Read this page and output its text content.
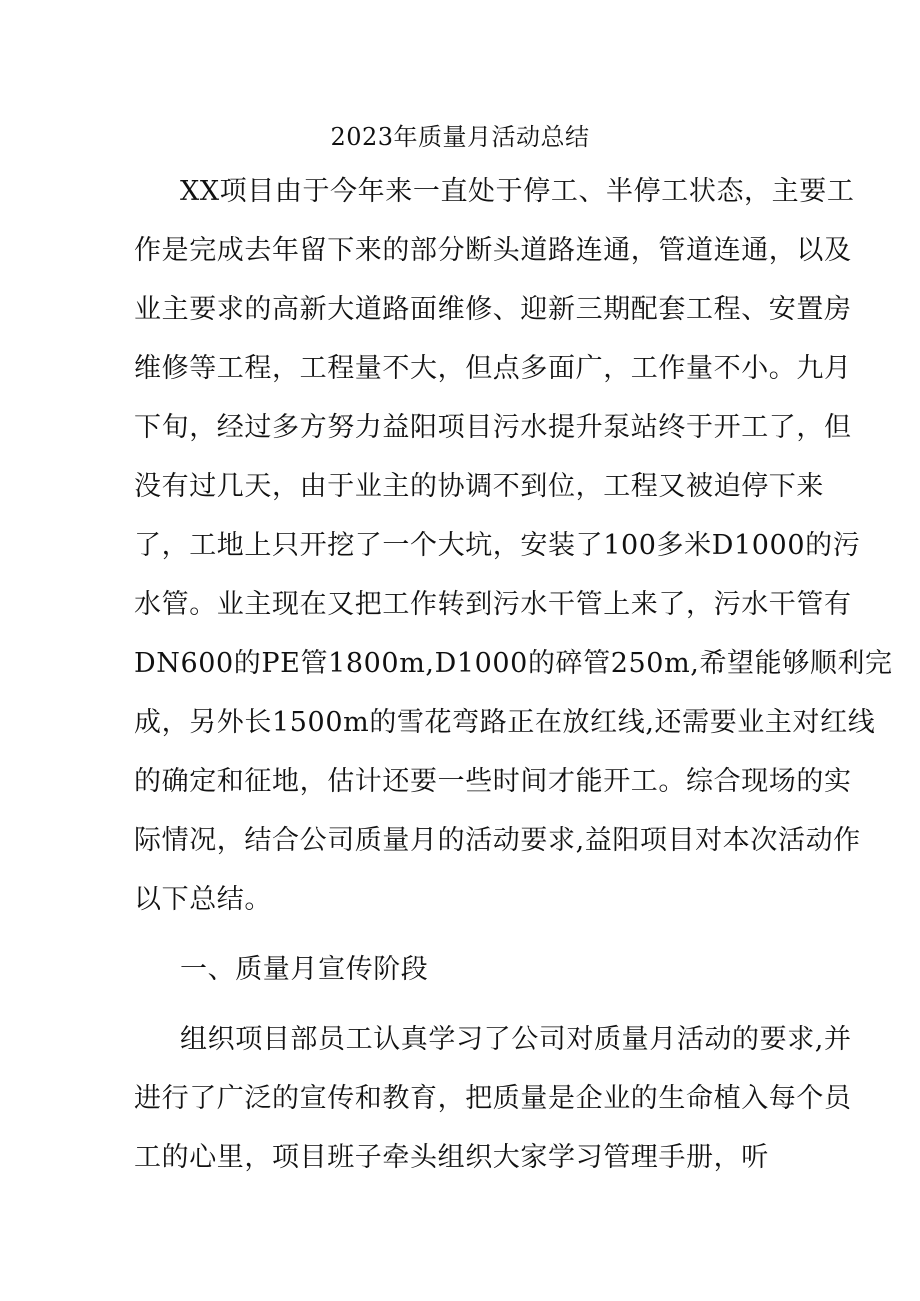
2023年质量月活动总结
XX项目由于今年来一直处于停工、半停工状态，主要工
作是完成去年留下来的部分断头道路连通，管道连通，以及
业主要求的高新大道路面维修、迎新三期配套工程、安置房
维修等工程，工程量不大，但点多面广，工作量不小。九月
下旬，经过多方努力益阳项目污水提升泵站终于开工了，但
没有过几天，由于业主的协调不到位，工程又被迫停下来
了，工地上只开挖了一个大坑，安装了100多米D1000的污
水管。业主现在又把工作转到污水干管上来了，污水干管有
DN600的PE管1800m,D1000的碎管250m,希望能够顺利完
成，另外长1500m的雪花弯路正在放红线,还需要业主对红线
的确定和征地，估计还要一些时间才能开工。综合现场的实
际情况，结合公司质量月的活动要求,益阳项目对本次活动作
以下总结。
一、质量月宣传阶段
组织项目部员工认真学习了公司对质量月活动的要求,并
进行了广泛的宣传和教育，把质量是企业的生命植入每个员
工的心里，项目班子牵头组织大家学习管理手册，听
